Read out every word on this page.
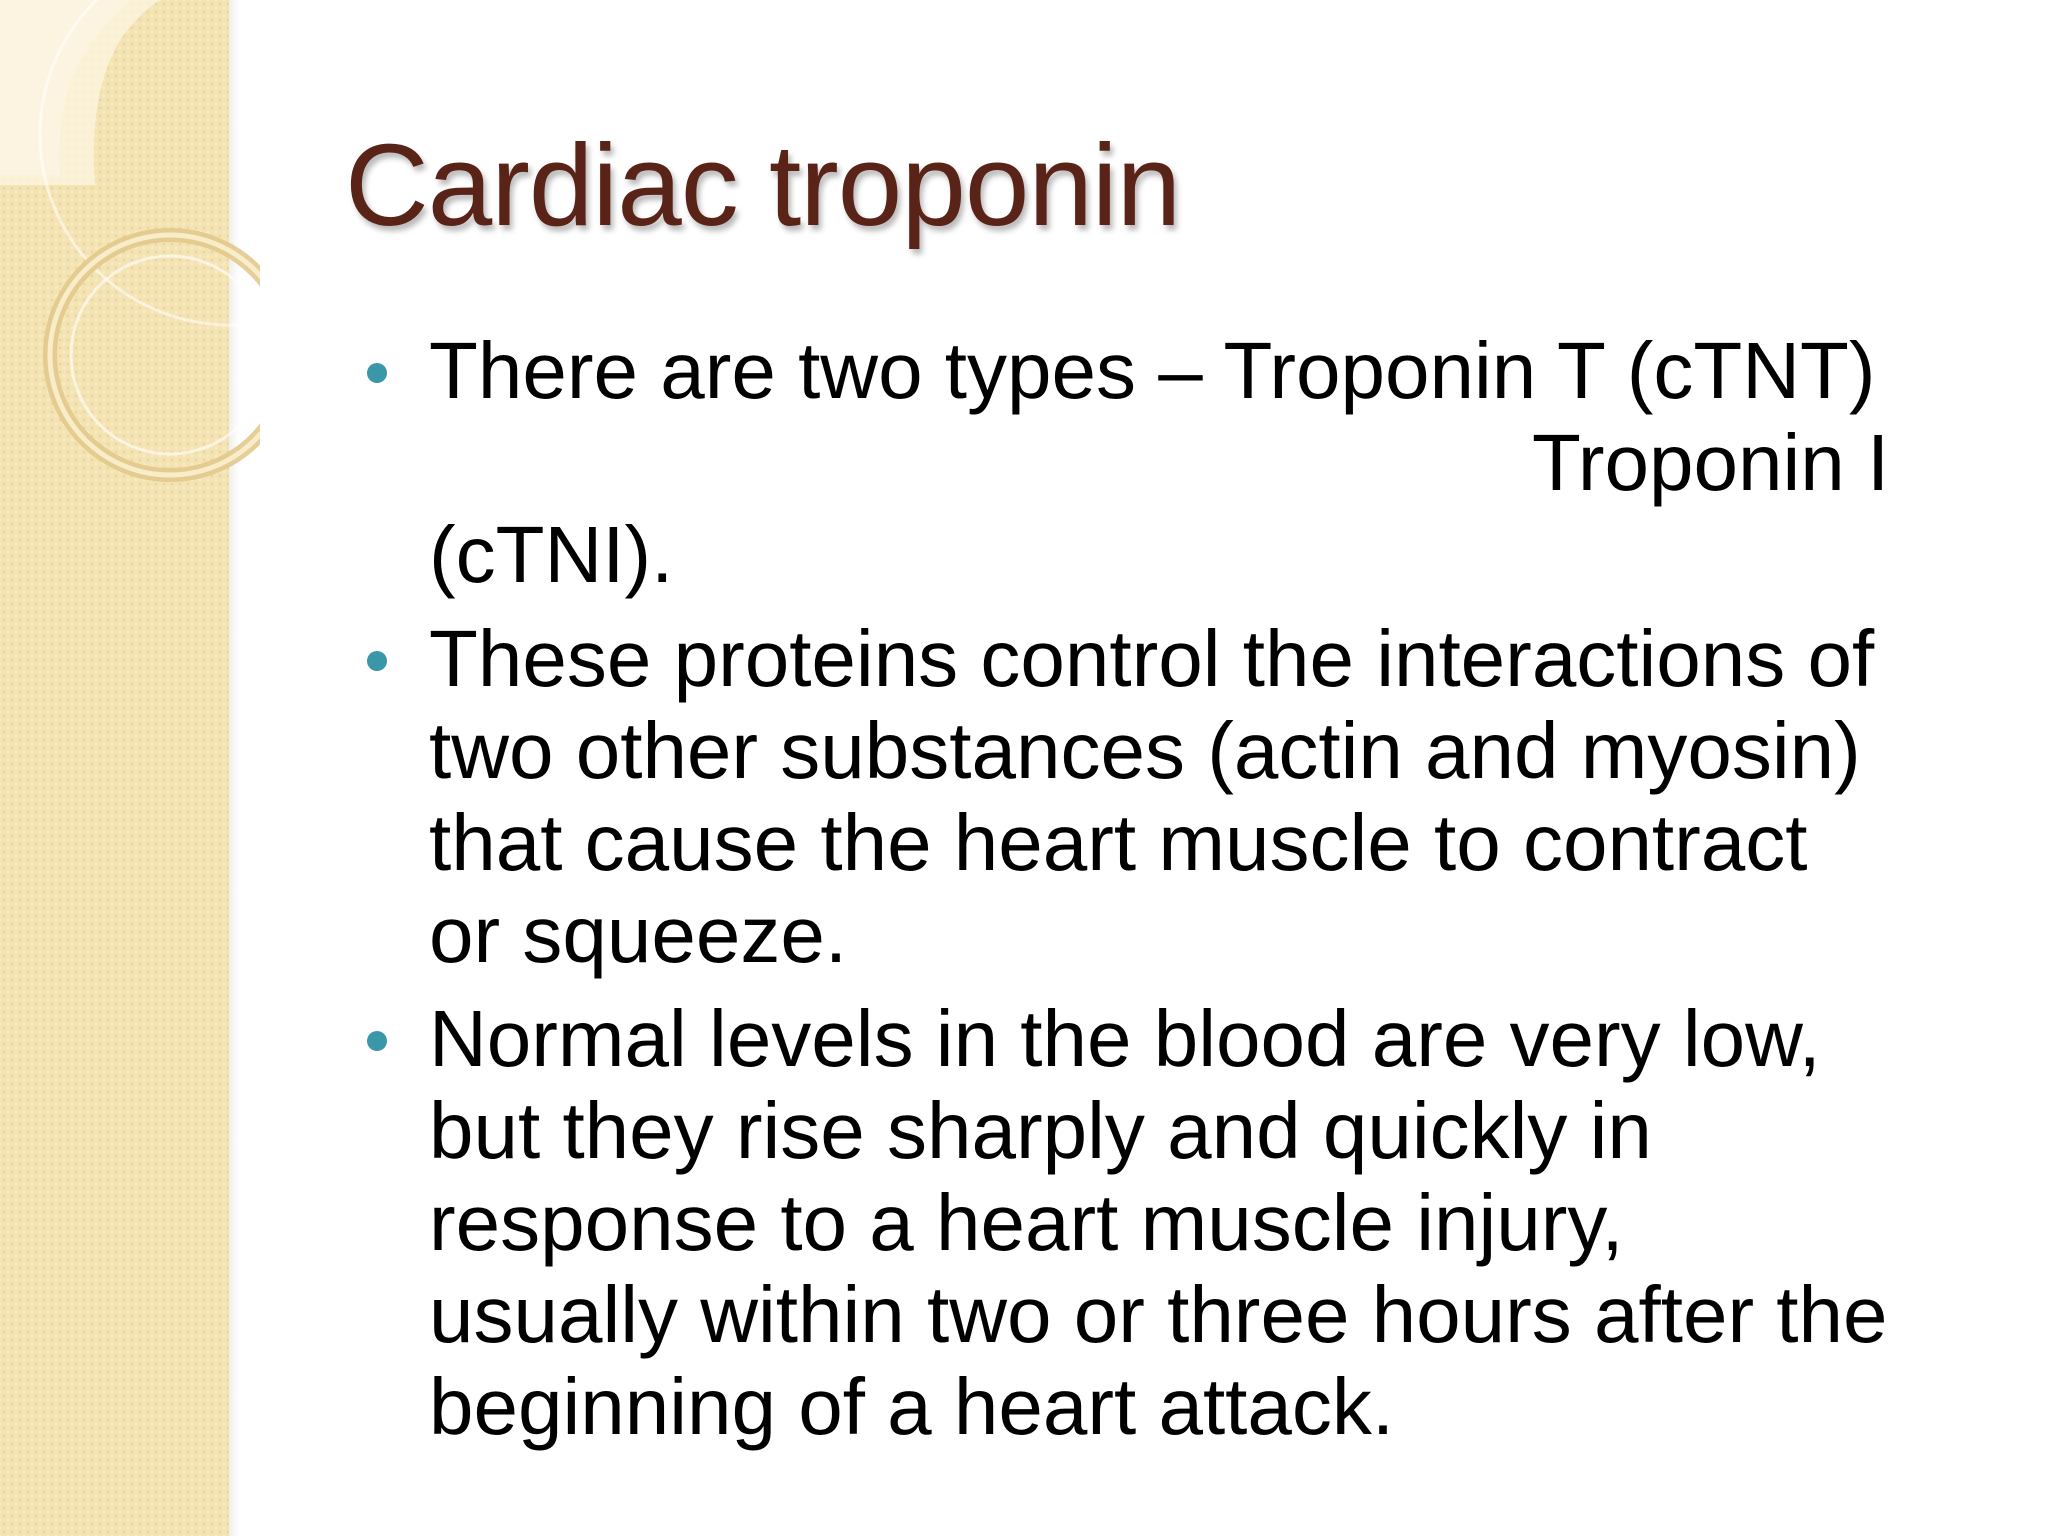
Cardiac troponin
There are two types – Troponin T (cTNT)
Troponin I
(cTNI).
These proteins control the interactions of
two other substances (actin and myosin)
that cause the heart muscle to contract
or squeeze.
Normal levels in the blood are very low,
but they rise sharply and quickly in
response to a heart muscle injury,
usually within two or three hours after the
beginning of a heart attack.
